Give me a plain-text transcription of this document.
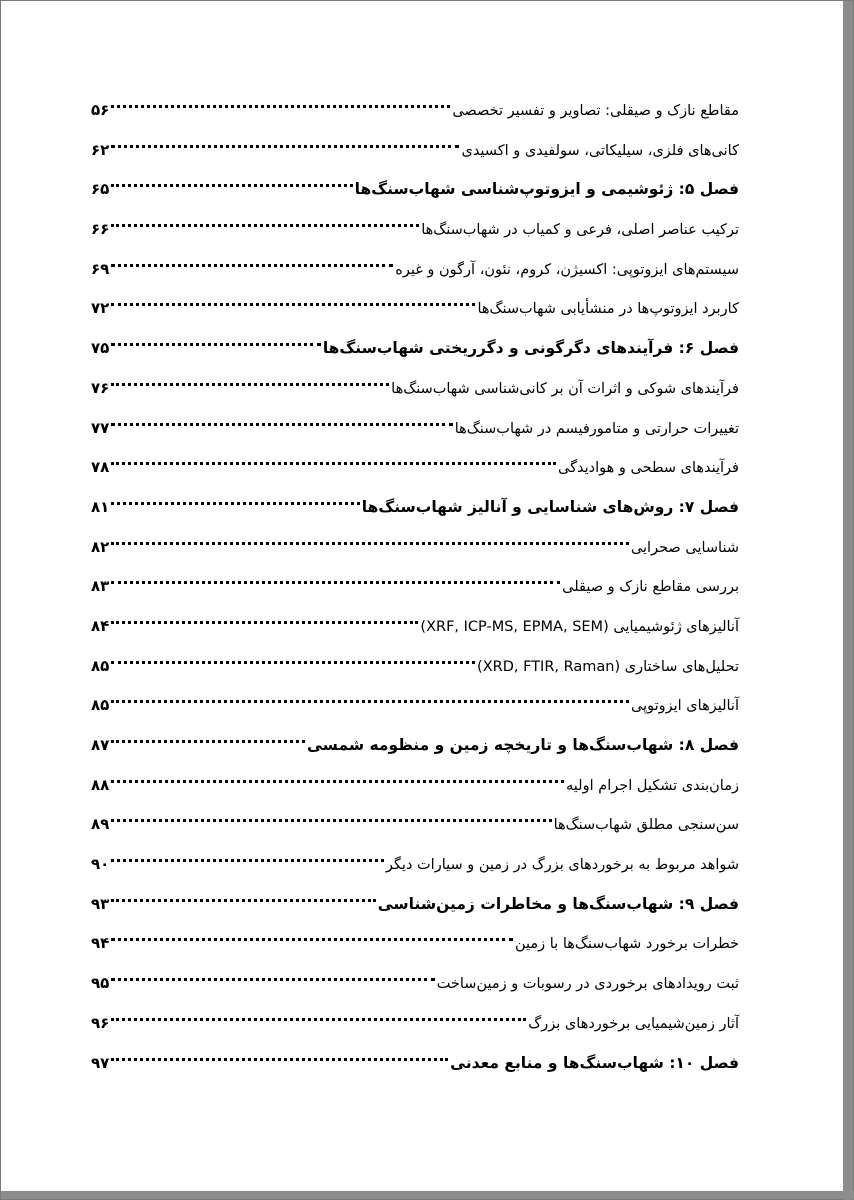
مقاطع نازک و صیقلی: تصاویر و تفسیر تخصصی
۵۶
کانی‌های فلزی، سیلیکاتی، سولفیدی و اکسیدی
۶۲
فصل ۵: ژئوشیمی و ایزوتوپ‌شناسی شهاب‌سنگ‌ها
۶۵
ترکیب عناصر اصلی، فرعی و کمیاب در شهاب‌سنگ‌ها
۶۶
سیستم‌های ایزوتوپی: اکسیژن، کروم، نئون، آرگون و غیره
۶۹
کاربرد ایزوتوپ‌ها در منشأیابی شهاب‌سنگ‌ها
۷۲
فصل ۶: فرآیندهای دگرگونی و دگرریختی شهاب‌سنگ‌ها
۷۵
فرآیندهای شوکی و اثرات آن بر کانی‌شناسی شهاب‌سنگ‌ها
۷۶
تغییرات حرارتی و متامورفیسم در شهاب‌سنگ‌ها
۷۷
فرآیندهای سطحی و هوادیدگی
۷۸
فصل ۷: روش‌های شناسایی و آنالیز شهاب‌سنگ‌ها
۸۱
شناسایی صحرایی
۸۲
بررسی مقاطع نازک و صیقلی
۸۳
آنالیزهای ژئوشیمیایی (XRF, ICP-MS, EPMA, SEM)
۸۴
تحلیل‌های ساختاری (XRD, FTIR, Raman)
۸۵
آنالیزهای ایزوتوپی
۸۵
فصل ۸: شهاب‌سنگ‌ها و تاریخچه زمین و منظومه شمسی
۸۷
زمان‌بندی تشکیل اجرام اولیه
۸۸
سن‌سنجی مطلق شهاب‌سنگ‌ها
۸۹
شواهد مربوط به برخوردهای بزرگ در زمین و سیارات دیگر
۹۰
فصل ۹: شهاب‌سنگ‌ها و مخاطرات زمین‌شناسی
۹۳
خطرات برخورد شهاب‌سنگ‌ها با زمین
۹۴
ثبت رویدادهای برخوردی در رسوبات و زمین‌ساخت
۹۵
آثار زمین‌شیمیایی برخوردهای بزرگ
۹۶
فصل ۱۰: شهاب‌سنگ‌ها و منابع معدنی
۹۷
